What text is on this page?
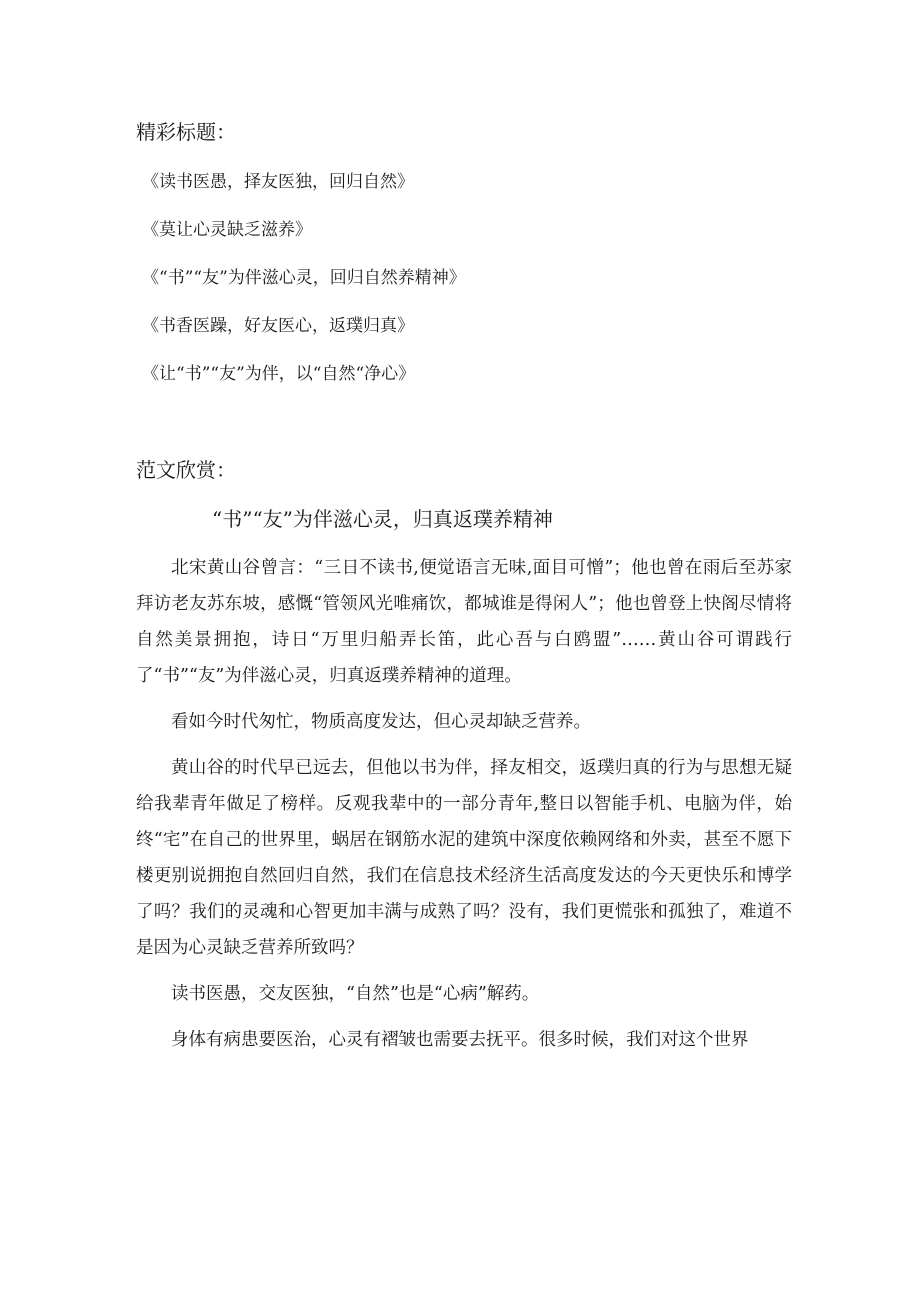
精彩标题：
《读书医愚，择友医独，回归自然》
《莫让心灵缺乏滋养》
《“书”“友”为伴滋心灵，回归自然养精神》
《书香医躁，好友医心，返璞归真》
《让“书”“友”为伴，以“自然“净心》
范文欣赏：
“书”“友”为伴滋心灵，归真返璞养精神

北宋黄山谷曾言：“三日不读书,便觉语言无味,面目可憎”；他也曾在雨后至苏家拜访老友苏东坡，感慨“管领风光唯痛饮，都城谁是得闲人”；他也曾登上快阁尽情将自然美景拥抱，诗日“万里归船弄长笛，此心吾与白鸥盟”……黄山谷可谓践行了“书”“友”为伴滋心灵，归真返璞养精神的道理。

看如今时代匆忙，物质高度发达，但心灵却缺乏营养。

黄山谷的时代早已远去，但他以书为伴，择友相交，返璞归真的行为与思想无疑给我辈青年做足了榜样。反观我辈中的一部分青年,整日以智能手机、电脑为伴，始终“宅”在自己的世界里，蜗居在钢筋水泥的建筑中深度依赖网络和外卖，甚至不愿下楼更别说拥抱自然回归自然，我们在信息技术经济生活高度发达的今天更快乐和博学了吗？我们的灵魂和心智更加丰满与成熟了吗？没有，我们更慌张和孤独了，难道不是因为心灵缺乏营养所致吗？

读书医愚，交友医独，“自然”也是“心病”解药。

身体有病患要医治，心灵有褶皱也需要去抚平。很多时候，我们对这个世界
